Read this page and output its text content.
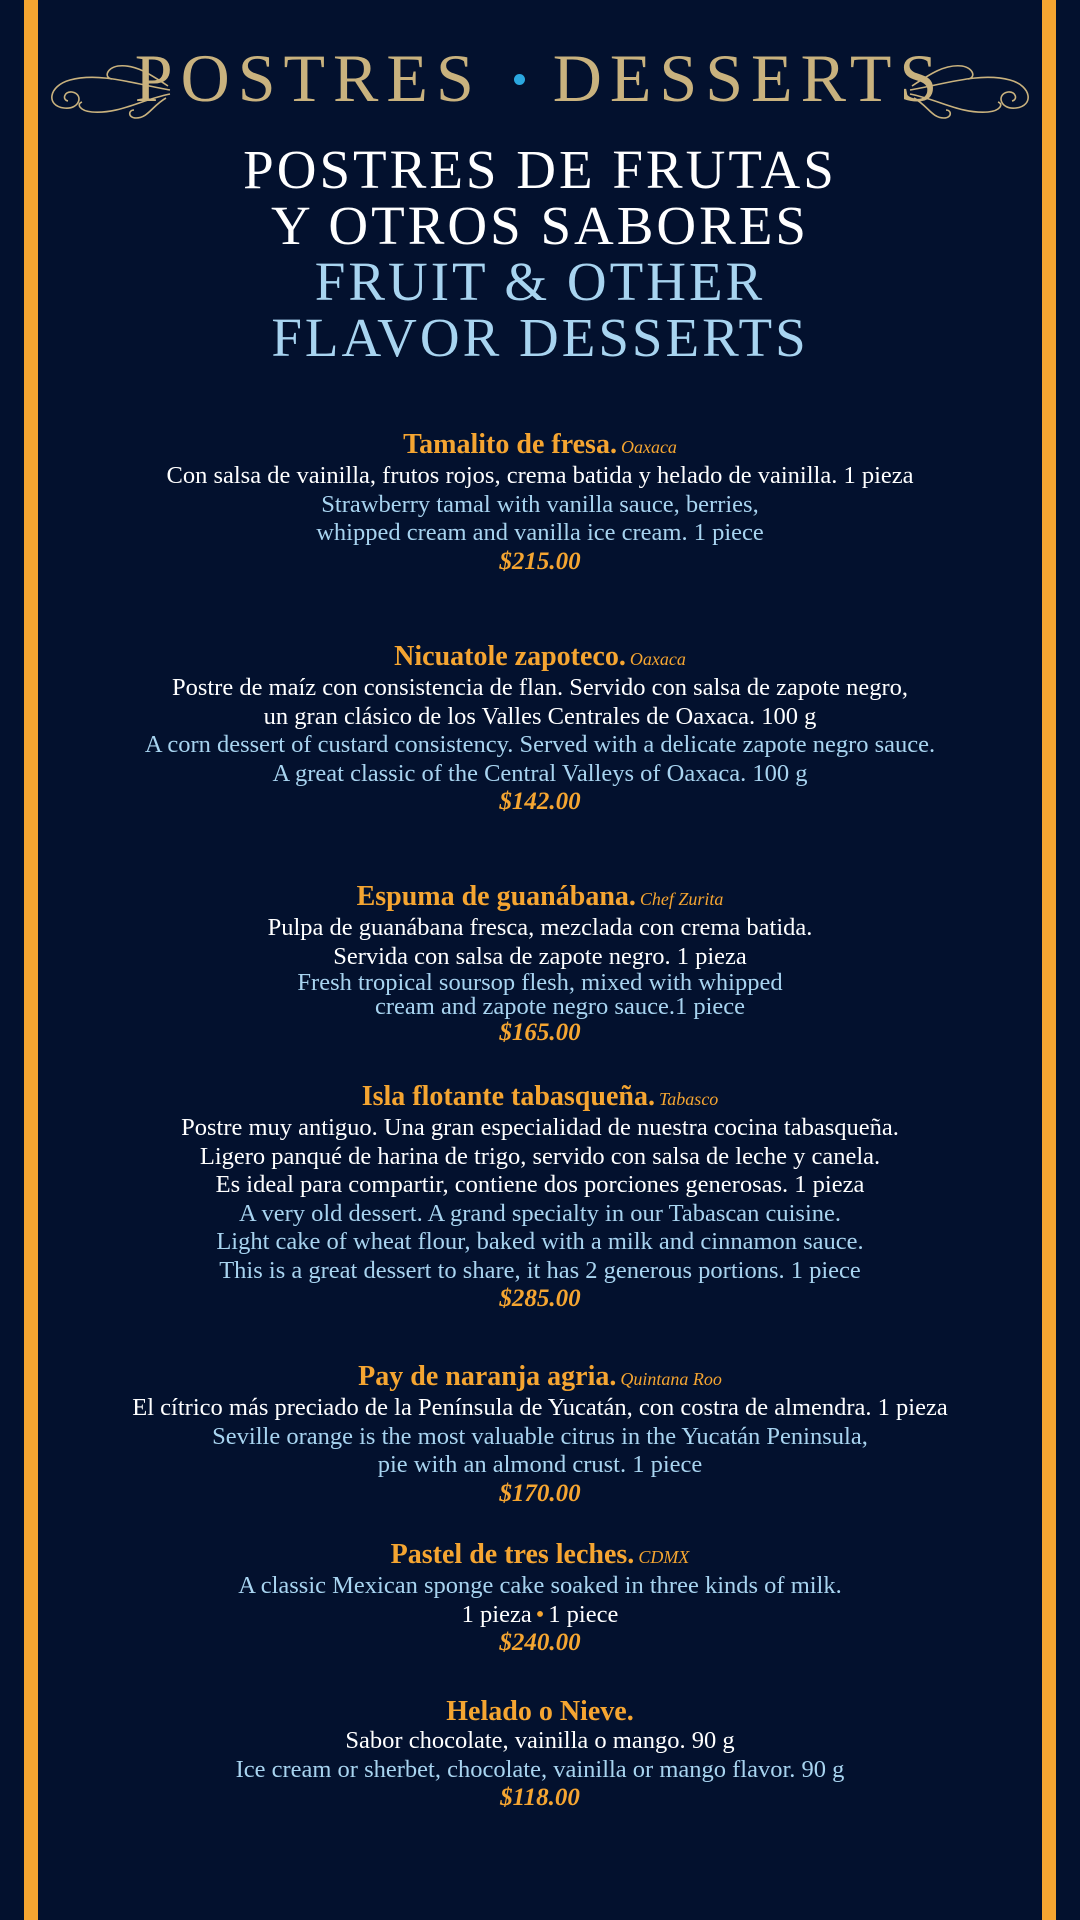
POSTRES DESSERTS
POSTRES DE FRUTAS
Y OTROS SABORES
FRUIT & OTHER
FLAVOR DESSERTS
Tamalito de fresa. Oaxaca
Con salsa de vainilla, frutos rojos, crema batida y helado de vainilla. 1 pieza
Strawberry tamal with vanilla sauce, berries,
whipped cream and vanilla ice cream. 1 piece
$215.00
Nicuatole zapoteco. Oaxaca
Postre de maíz con consistencia de flan. Servido con salsa de zapote negro,
un gran clásico de los Valles Centrales de Oaxaca. 100 g
A corn dessert of custard consistency. Served with a delicate zapote negro sauce.
A great classic of the Central Valleys of Oaxaca. 100 g
$142.00
Espuma de guanábana. Chef Zurita
Pulpa de guanábana fresca, mezclada con crema batida.
Servida con salsa de zapote negro. 1 pieza
Fresh tropical soursop flesh, mixed with whipped
cream and zapote negro sauce.1 piece
$165.00
Isla flotante tabasqueña. Tabasco
Postre muy antiguo. Una gran especialidad de nuestra cocina tabasqueña.
Ligero panqué de harina de trigo, servido con salsa de leche y canela.
Es ideal para compartir, contiene dos porciones generosas. 1 pieza
A very old dessert. A grand specialty in our Tabascan cuisine.
Light cake of wheat flour, baked with a milk and cinnamon sauce.
This is a great dessert to share, it has 2 generous portions. 1 piece
$285.00
Pay de naranja agria. Quintana Roo
El cítrico más preciado de la Península de Yucatán, con costra de almendra. 1 pieza
Seville orange is the most valuable citrus in the Yucatán Peninsula,
pie with an almond crust. 1 piece
$170.00
Pastel de tres leches. CDMX
A classic Mexican sponge cake soaked in three kinds of milk.
1 pieza • 1 piece
$240.00
Helado o Nieve.
Sabor chocolate, vainilla o mango. 90 g
Ice cream or sherbet, chocolate, vainilla or mango flavor. 90 g
$118.00
